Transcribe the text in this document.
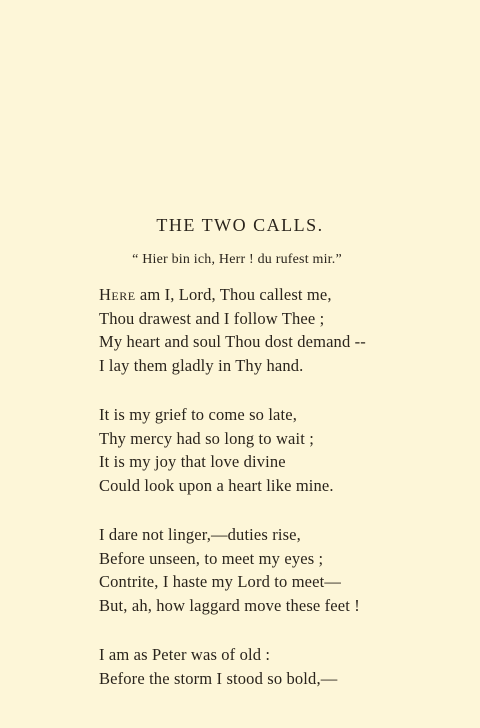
THE TWO CALLS.
“ Hier bin ich, Herr ! du rufest mir.”
Here am I, Lord, Thou callest me,
Thou drawest and I follow Thee ;
My heart and soul Thou dost demand --
I lay them gladly in Thy hand.
It is my grief to come so late,
Thy mercy had so long to wait ;
It is my joy that love divine
Could look upon a heart like mine.
I dare not linger,—duties rise,
Before unseen, to meet my eyes ;
Contrite, I haste my Lord to meet—
But, ah, how laggard move these feet !
I am as Peter was of old :
Before the storm I stood so bold,—
